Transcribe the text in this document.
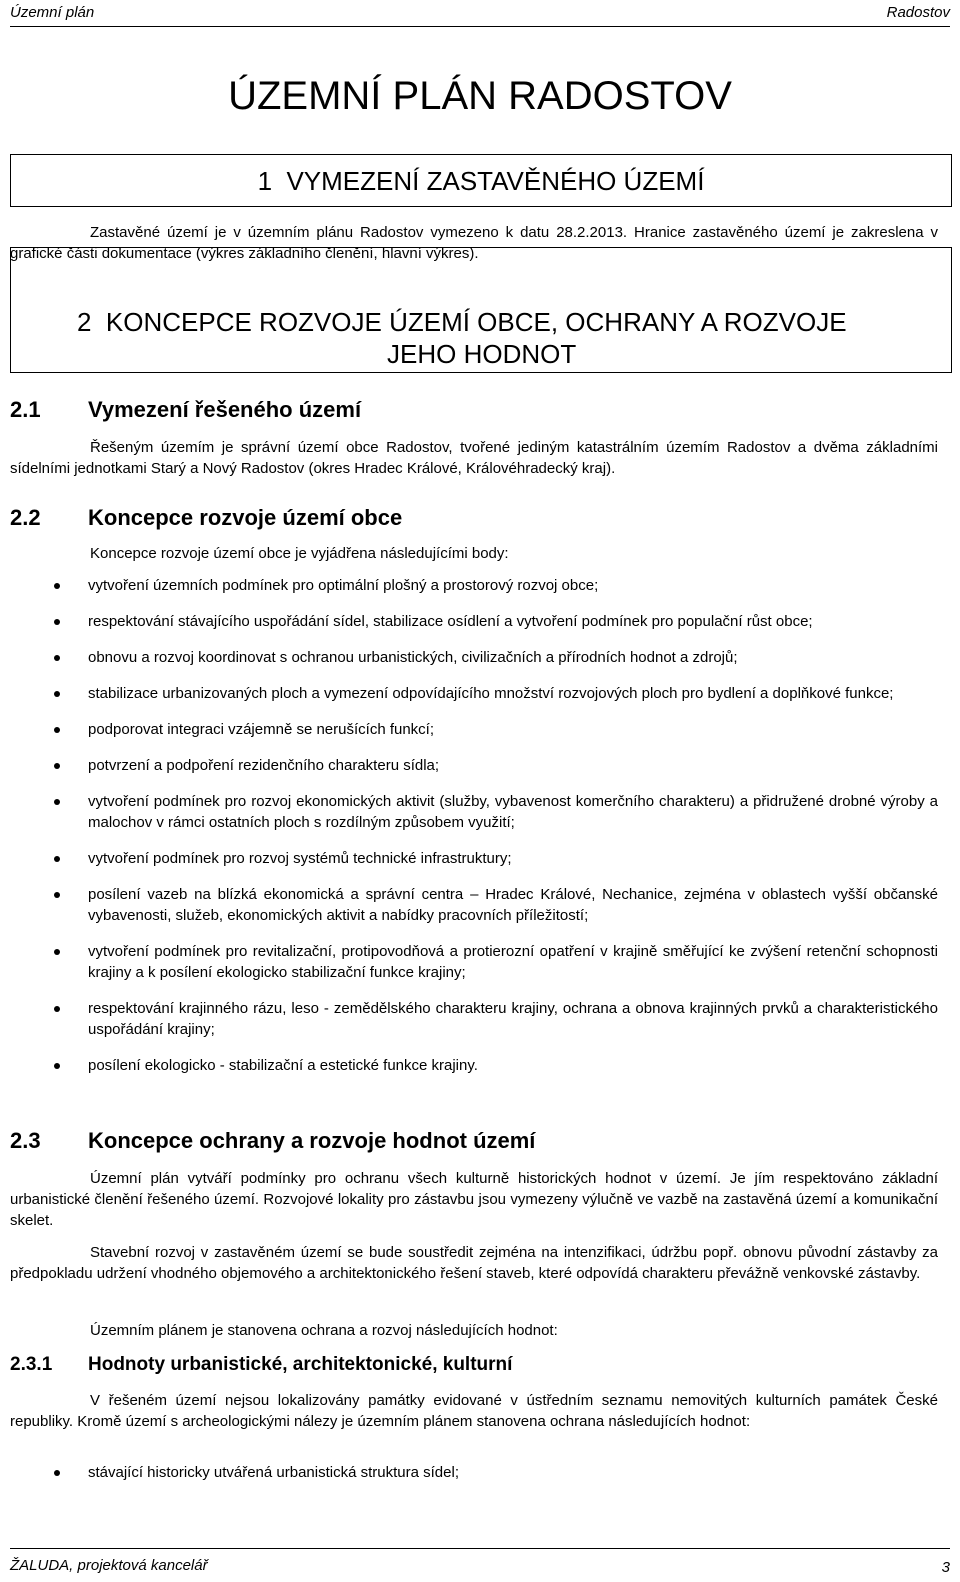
Územní plán	Radostov
ÚZEMNÍ PLÁN RADOSTOV
1  VYMEZENÍ ZASTAVĚNÉHO ÚZEMÍ
Zastavěné území je v územním plánu Radostov vymezeno k datu 28.2.2013. Hranice zastavěného území je zakreslena v grafické části dokumentace (výkres základního členění, hlavní výkres).
2  KONCEPCE ROZVOJE ÚZEMÍ OBCE, OCHRANY A ROZVOJE
JEHO HODNOT
2.1 Vymezení řešeného území
Řešeným územím je správní území obce Radostov, tvořené jediným katastrálním územím Radostov a dvěma základními sídelními jednotkami Starý a Nový Radostov (okres Hradec Králové, Královéhradecký kraj).
2.2 Koncepce rozvoje území obce
Koncepce rozvoje území obce je vyjádřena následujícími body:
vytvoření územních podmínek pro optimální plošný a prostorový rozvoj obce;
respektování stávajícího uspořádání sídel, stabilizace osídlení a vytvoření podmínek pro populační růst obce;
obnovu a rozvoj koordinovat s ochranou urbanistických, civilizačních a přírodních hodnot a zdrojů;
stabilizace urbanizovaných ploch a vymezení odpovídajícího množství rozvojových ploch pro bydlení a doplňkové funkce;
podporovat integraci vzájemně se nerušících funkcí;
potvrzení a podpoření rezidenčního charakteru sídla;
vytvoření podmínek pro rozvoj ekonomických aktivit (služby, vybavenost komerčního charakteru) a přidružené drobné výroby a malochov v rámci ostatních ploch s rozdílným způsobem využití;
vytvoření podmínek pro rozvoj systémů technické infrastruktury;
posílení vazeb na blízká ekonomická a správní centra – Hradec Králové, Nechanice, zejména v oblastech vyšší občanské vybavenosti, služeb, ekonomických aktivit a nabídky pracovních příležitostí;
vytvoření podmínek pro revitalizační, protipovodňová a protierozní opatření v krajině směřující ke zvýšení retenční schopnosti krajiny a k posílení ekologicko stabilizační funkce krajiny;
respektování krajinného rázu, leso - zemědělského charakteru krajiny, ochrana a obnova krajinných prvků a charakteristického uspořádání krajiny;
posílení ekologicko - stabilizační a estetické funkce krajiny.
2.3 Koncepce ochrany a rozvoje hodnot území
Územní plán vytváří podmínky pro ochranu všech kulturně historických hodnot v území. Je jím respektováno základní urbanistické členění řešeného území. Rozvojové lokality pro zástavbu jsou vymezeny výlučně ve vazbě na zastavěná území a komunikační skelet.
Stavební rozvoj v zastavěném území se bude soustředit zejména na intenzifikaci, údržbu popř. obnovu původní zástavby za předpokladu udržení vhodného objemového a architektonického řešení staveb, které odpovídá charakteru převážně venkovské zástavby.
Územním plánem je stanovena ochrana a rozvoj následujících hodnot:
2.3.1 Hodnoty urbanistické, architektonické, kulturní
V řešeném území nejsou lokalizovány památky evidované v ústředním seznamu nemovitých kulturních památek České republiky. Kromě území s archeologickými nálezy je územním plánem stanovena ochrana následujících hodnot:
stávající historicky utvářená urbanistická struktura sídel;
ŽALUDA, projektová kancelář	3
